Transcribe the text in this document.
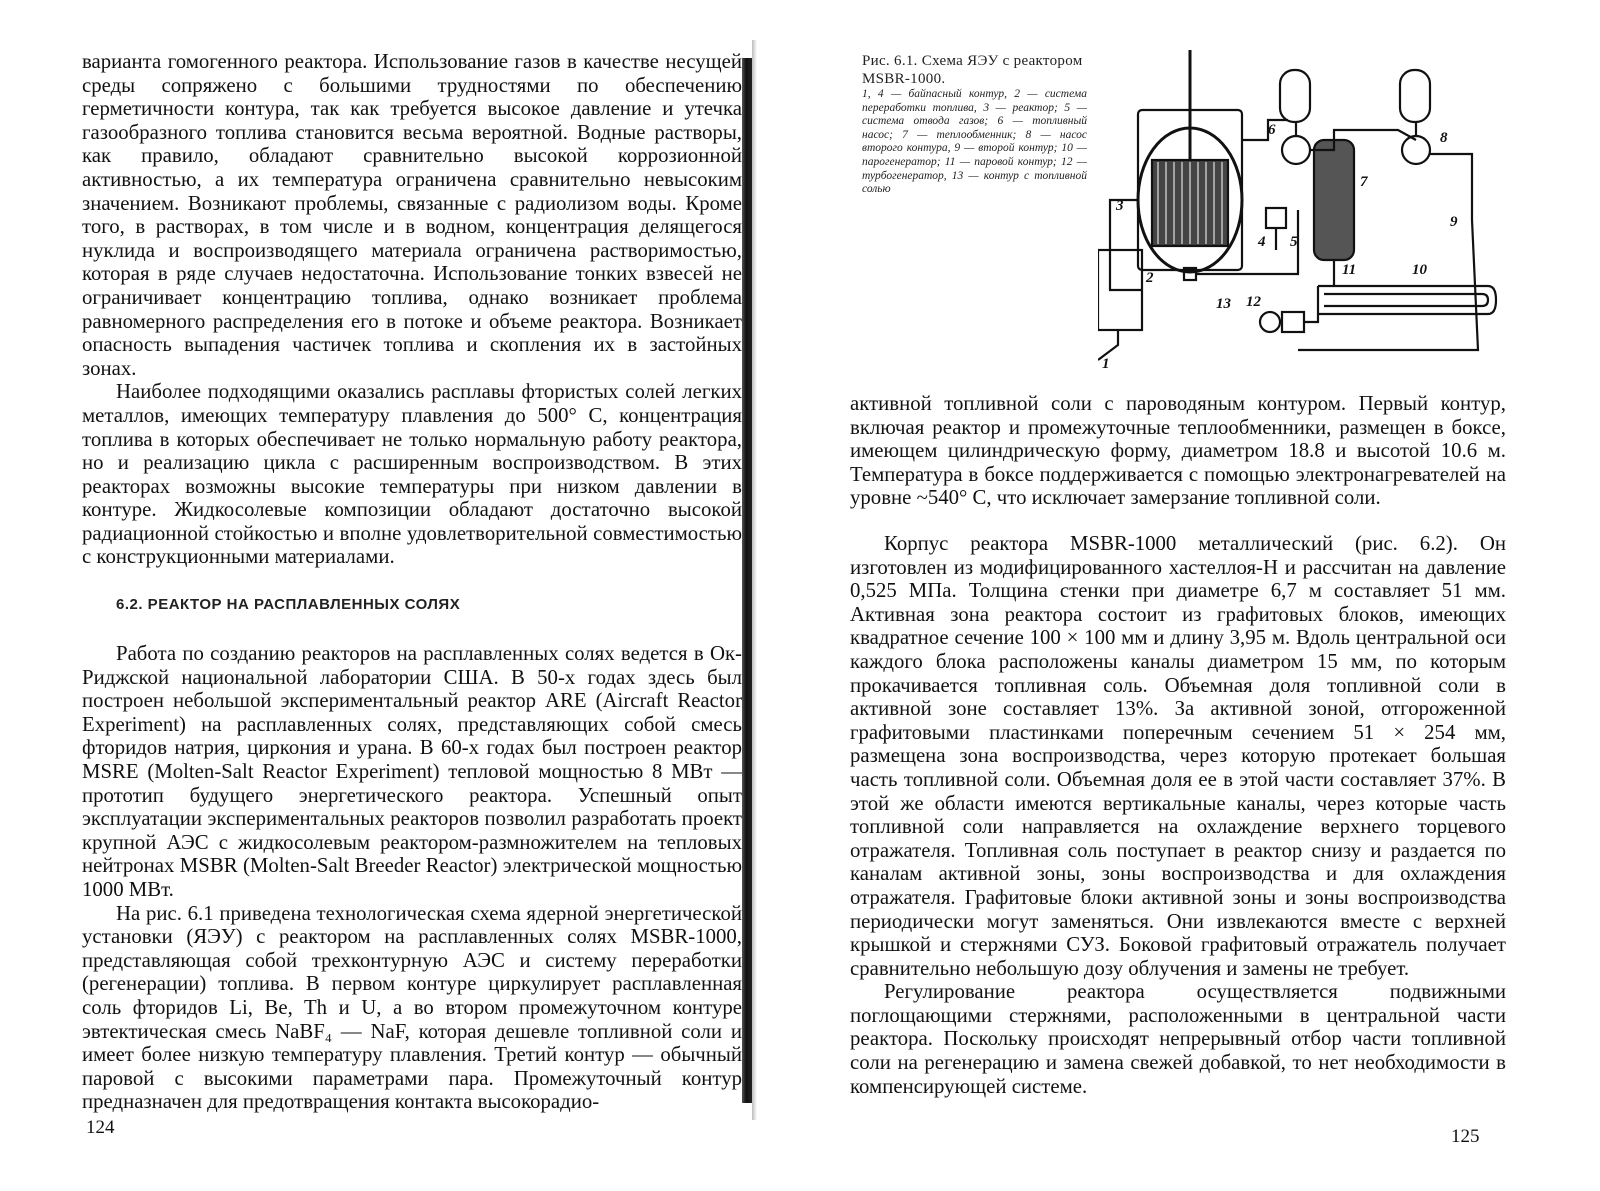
варианта гомогенного реактора. Использование газов в качестве несущей среды сопряжено с большими трудностями по обеспечению герметичности контура, так как требуется высокое давление и утечка газообразного топлива становится весьма вероятной. Водные растворы, как правило, обладают сравнительно высокой коррозионной активностью, а их температура ограничена сравнительно невысоким значением. Возникают проблемы, связанные с радиолизом воды. Кроме того, в растворах, в том числе и в водном, концентрация делящегося нуклида и воспроизводящего материала ограничена растворимостью, которая в ряде случаев недостаточна. Использование тонких взвесей не ограничивает концентрацию топлива, однако возникает проблема равномерного распределения его в потоке и объеме реактора. Возникает опасность выпадения частичек топлива и скопления их в застойных зонах.

Наиболее подходящими оказались расплавы фтористых солей легких металлов, имеющих температуру плавления до 500° С, концентрация топлива в которых обеспечивает не только нормальную работу реактора, но и реализацию цикла с расширенным воспроизводством. В этих реакторах возможны высокие температуры при низком давлении в контуре. Жидкосолевые композиции обладают достаточно высокой радиационной стойкостью и вполне удовлетворительной совместимостью с конструкционными материалами.

6.2. РЕАКТОР НА РАСПЛАВЛЕННЫХ СОЛЯХ

Работа по созданию реакторов на расплавленных солях ведется в Ок-Риджской национальной лаборатории США. В 50-х годах здесь был построен небольшой экспериментальный реактор ARE (Aircraft Reactor Experiment) на расплавленных солях, представляющих собой смесь фторидов натрия, циркония и урана. В 60-х годах был построен реактор MSRE (Molten-Salt Reactor Experiment) тепловой мощностью 8 МВт — прототип будущего энергетического реактора. Успешный опыт эксплуатации экспериментальных реакторов позволил разработать проект крупной АЭС с жидкосолевым реактором-размножителем на тепловых нейтронах MSBR (Molten-Salt Breeder Reactor) электрической мощностью 1000 МВт.

На рис. 6.1 приведена технологическая схема ядерной энергетической установки (ЯЭУ) с реактором на расплавленных солях MSBR-1000, представляющая собой трехконтурную АЭС и систему переработки (регенерации) топлива. В первом контуре циркулирует расплавленная соль фторидов Li, Be, Th и U, а во втором промежуточном контуре эвтектическая смесь NaBF₄ — NaF, которая дешевле топливной соли и имеет более низкую температуру плавления. Третий контур — обычный паровой с высокими параметрами пара. Промежуточный контур предназначен для предотвращения контакта высокорадио-

124
Рис. 6.1. Схема ЯЭУ с реактором MSBR-1000.
1, 4 — байпасный контур, 2 — система переработки топлива, 3 — реактор; 5 — система отвода газов; 6 — топливный насос; 7 — теплообменник; 8 — насос второго контура, 9 — второй контур; 10 — парогенератор; 11 — паровой контур; 12 — турбогенератор, 13 — контур с топливной солью
1
2
3
4 5
6
7
8
9
10
11
12
13

активной топливной соли с пароводяным контуром. Первый контур, включая реактор и промежуточные теплообменники, размещен в боксе, имеющем цилиндрическую форму, диаметром 18.8 и высотой 10.6 м. Температура в боксе поддерживается с помощью электронагревателей на уровне ~540° С, что исключает замерзание топливной соли.

Корпус реактора MSBR-1000 металлический (рис. 6.2). Он изготовлен из модифицированного хастеллоя-Н и рассчитан на давление 0,525 МПа. Толщина стенки при диаметре 6,7 м составляет 51 мм. Активная зона реактора состоит из графитовых блоков, имеющих квадратное сечение 100 × 100 мм и длину 3,95 м. Вдоль центральной оси каждого блока расположены каналы диаметром 15 мм, по которым прокачивается топливная соль. Объемная доля топливной соли в активной зоне составляет 13%. За активной зоной, отгороженной графитовыми пластинками поперечным сечением 51 × 254 мм, размещена зона воспроизводства, через которую протекает большая часть топливной соли. Объемная доля ее в этой части составляет 37%. В этой же области имеются вертикальные каналы, через которые часть топливной соли направляется на охлаждение верхнего торцевого отражателя. Топливная соль поступает в реактор снизу и раздается по каналам активной зоны, зоны воспроизводства и для охлаждения отражателя. Графитовые блоки активной зоны и зоны воспроизводства периодически могут заменяться. Они извлекаются вместе с верхней крышкой и стержнями СУЗ. Боковой графитовый отражатель получает сравнительно небольшую дозу облучения и замены не требует.

Регулирование реактора осуществляется подвижными поглощающими стержнями, расположенными в центральной части реактора. Поскольку происходят непрерывный отбор части топливной соли на регенерацию и замена свежей добавкой, то нет необходимости в компенсирующей системе.

125
